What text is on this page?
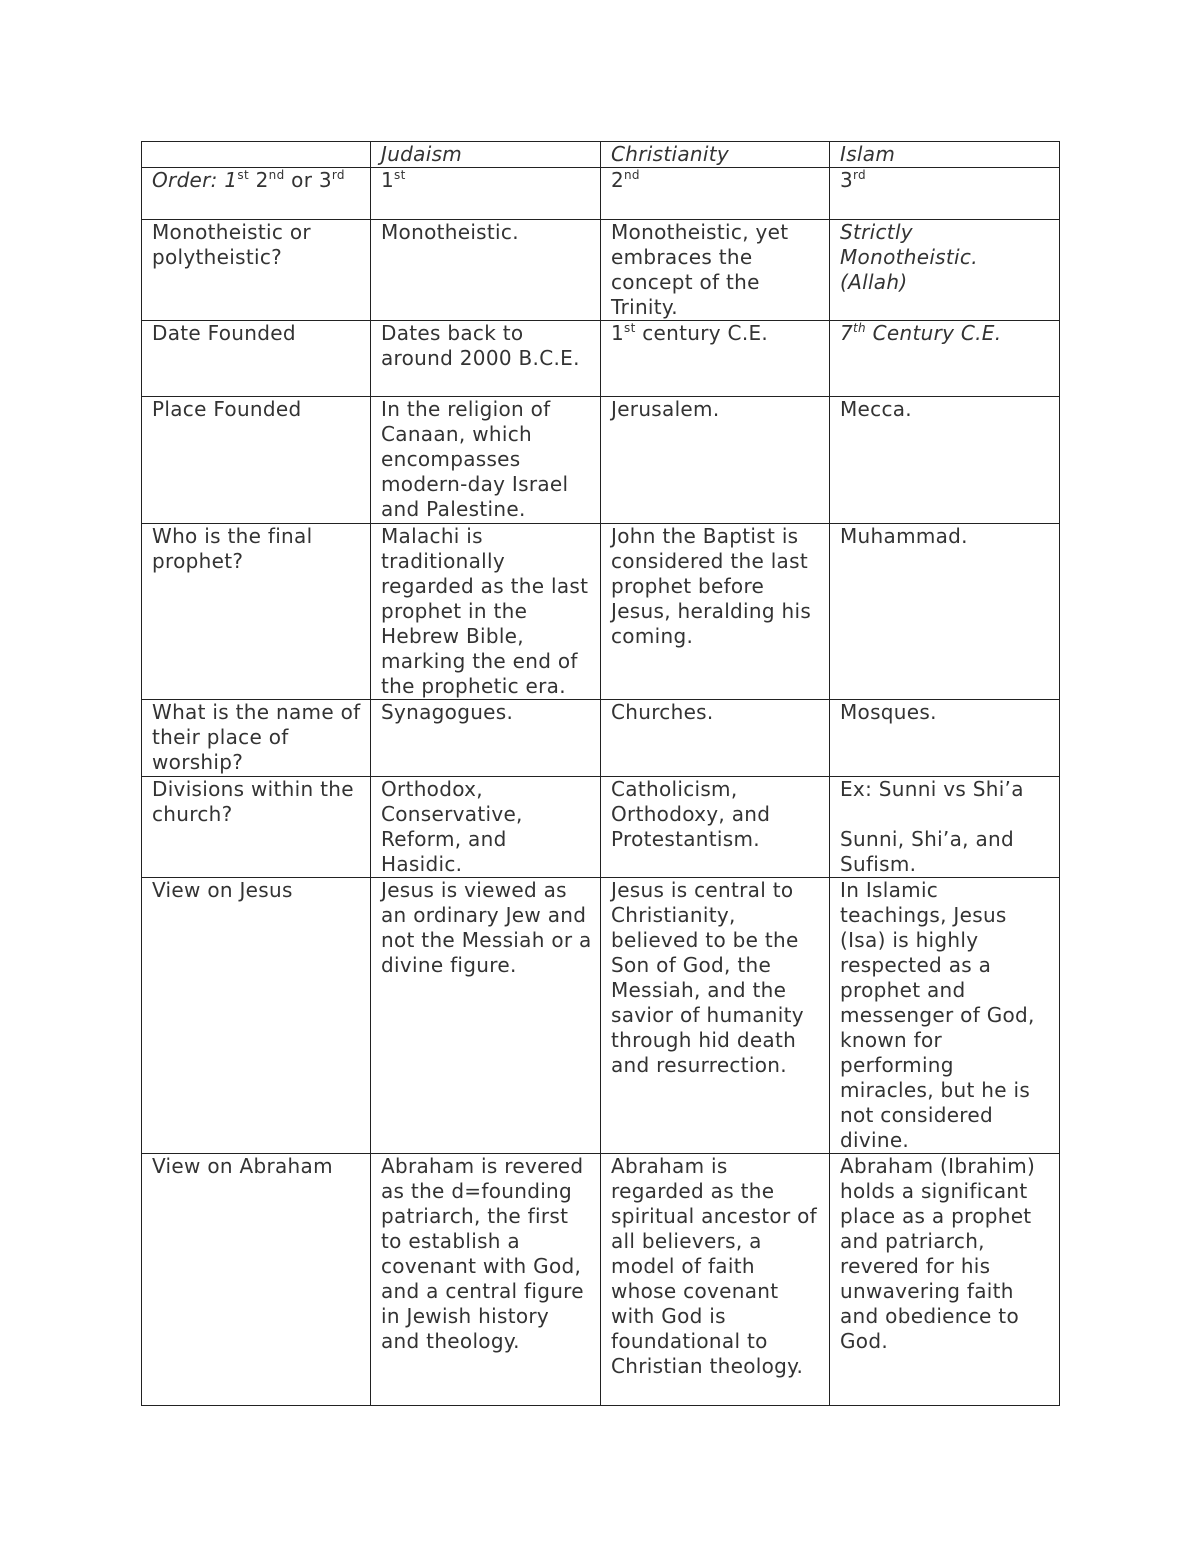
	Judaism	Christianity	Islam
Order: 1st 2nd or 3rd	1st	2nd	3rd
Monotheistic or polytheistic?	Monotheistic.	Monotheistic, yet embraces the concept of the Trinity.	Strictly Monotheistic. (Allah)
Date Founded	Dates back to around 2000 B.C.E.	1st century C.E.	7th Century C.E.
Place Founded	In the religion of Canaan, which encompasses modern-day Israel and Palestine.	Jerusalem.	Mecca.
Who is the final prophet?	Malachi is traditionally regarded as the last prophet in the Hebrew Bible, marking the end of the prophetic era.	John the Baptist is considered the last prophet before Jesus, heralding his coming.	Muhammad.
What is the name of their place of worship?	Synagogues.	Churches.	Mosques.
Divisions within the church?	Orthodox, Conservative, Reform, and Hasidic.	Catholicism, Orthodoxy, and Protestantism.	Ex: Sunni vs Shi’a
Sunni, Shi’a, and Sufism.

View on Jesus	Jesus is viewed as an ordinary Jew and not the Messiah or a divine figure.	Jesus is central to Christianity, believed to be the Son of God, the Messiah, and the savior of humanity through hid death and resurrection.	In Islamic teachings, Jesus (Isa) is highly respected as a prophet and messenger of God, known for performing miracles, but he is not considered divine.
View on Abraham	Abraham is revered as the d=founding patriarch, the first to establish a covenant with God, and a central figure in Jewish history and theology.	Abraham is regarded as the spiritual ancestor of all believers, a model of faith whose covenant with God is foundational to Christian theology.	Abraham (Ibrahim) holds a significant place as a prophet and patriarch, revered for his unwavering faith and obedience to God.
